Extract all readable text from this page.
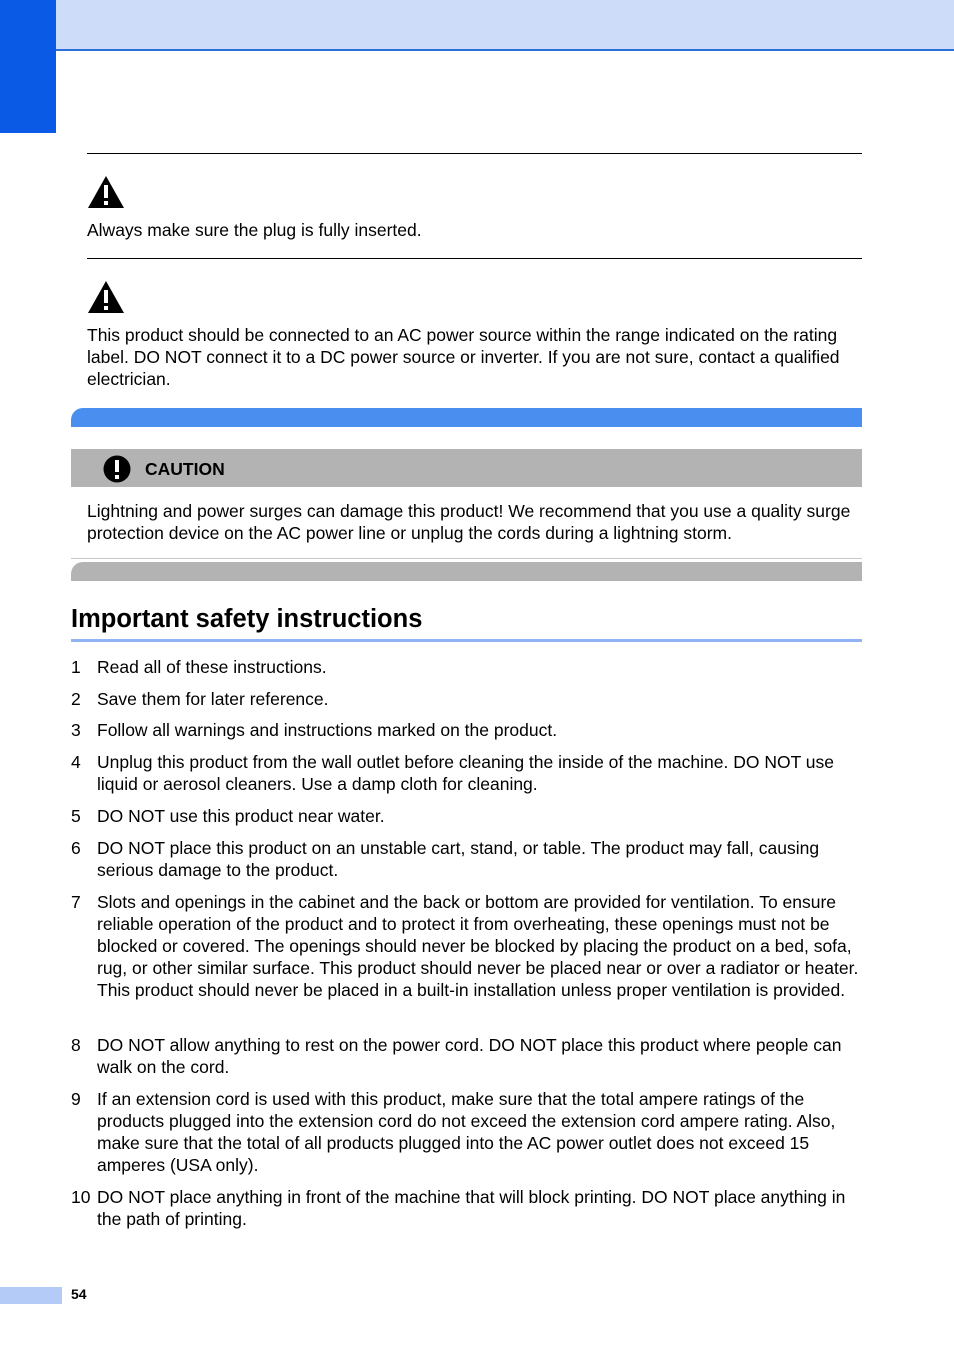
Always make sure the plug is fully inserted.
This product should be connected to an AC power source within the range indicated on the rating label. DO NOT connect it to a DC power source or inverter. If you are not sure, contact a qualified electrician.
CAUTION
Lightning and power surges can damage this product! We recommend that you use a quality surge protection device on the AC power line or unplug the cords during a lightning storm.
Important safety instructions
1 Read all of these instructions.
2 Save them for later reference.
3 Follow all warnings and instructions marked on the product.
4 Unplug this product from the wall outlet before cleaning the inside of the machine. DO NOT use liquid or aerosol cleaners. Use a damp cloth for cleaning.
5 DO NOT use this product near water.
6 DO NOT place this product on an unstable cart, stand, or table. The product may fall, causing serious damage to the product.
7 Slots and openings in the cabinet and the back or bottom are provided for ventilation. To ensure reliable operation of the product and to protect it from overheating, these openings must not be blocked or covered. The openings should never be blocked by placing the product on a bed, sofa, rug, or other similar surface. This product should never be placed near or over a radiator or heater. This product should never be placed in a built-in installation unless proper ventilation is provided.
8 DO NOT allow anything to rest on the power cord. DO NOT place this product where people can walk on the cord.
9 If an extension cord is used with this product, make sure that the total ampere ratings of the products plugged into the extension cord do not exceed the extension cord ampere rating. Also, make sure that the total of all products plugged into the AC power outlet does not exceed 15 amperes (USA only).
10 DO NOT place anything in front of the machine that will block printing. DO NOT place anything in the path of printing.
54
